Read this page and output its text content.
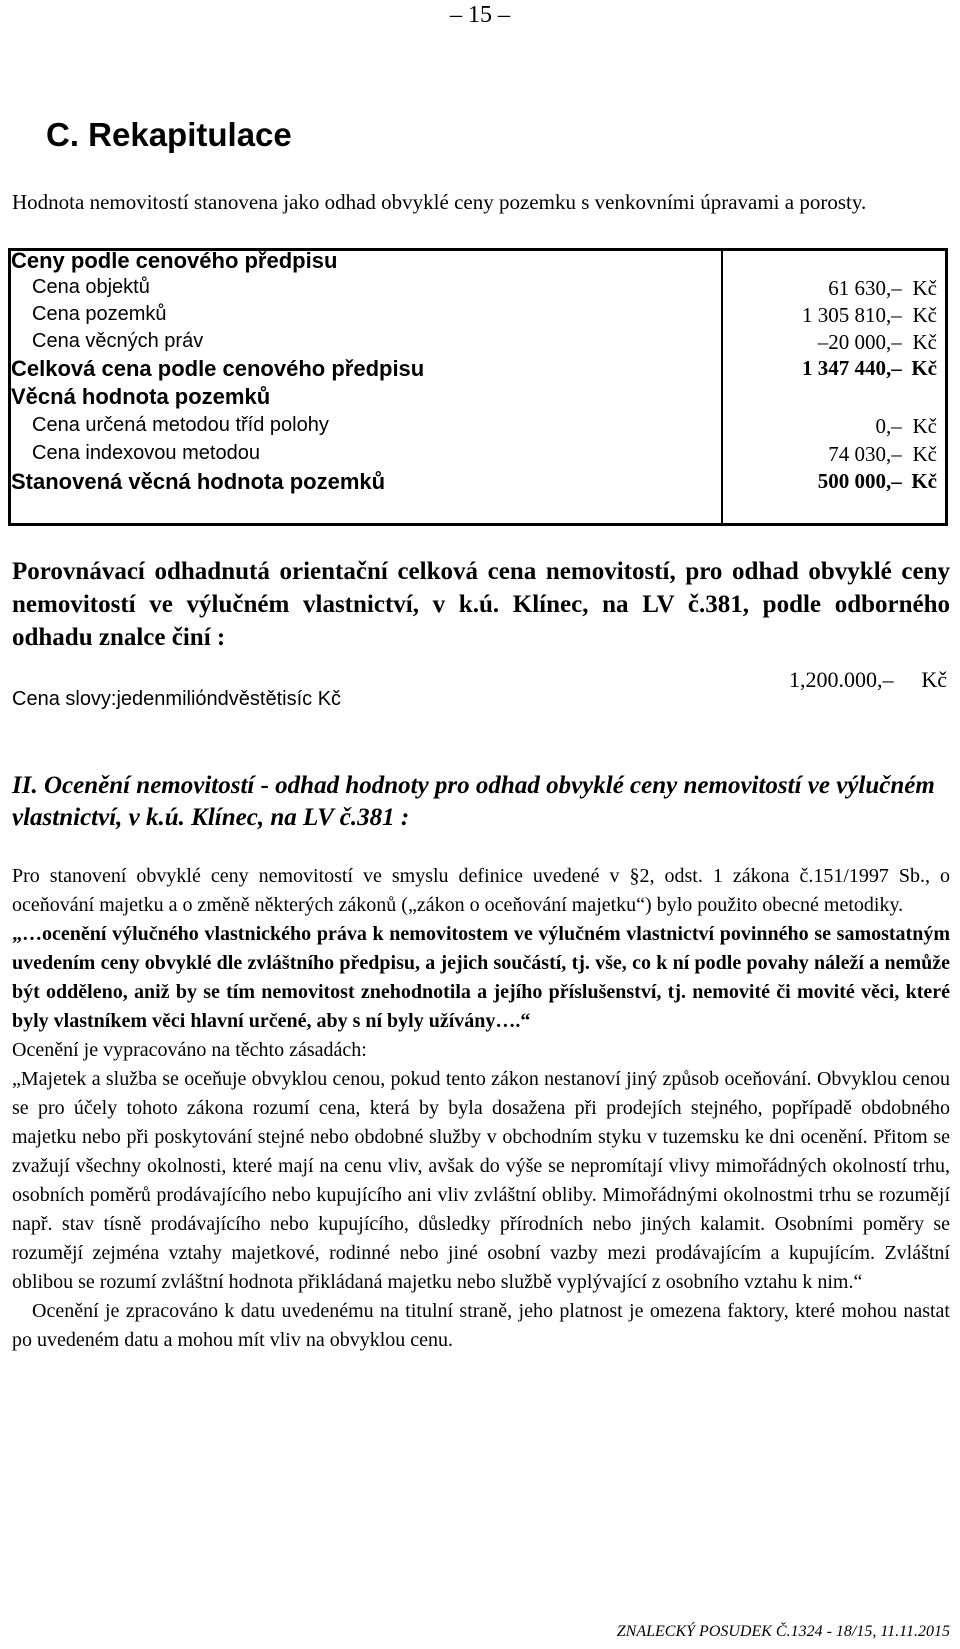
– 15 –
C. Rekapitulace
Hodnota nemovitostí stanovena jako odhad obvyklé ceny pozemku s venkovními úpravami a porosty.
Ceny podle cenového předpisu
Cena objektů	61 630,– Kč
Cena pozemků	1 305 810,– Kč
Cena věcných práv	–20 000,– Kč
Celková cena podle cenového předpisu	1 347 440,– Kč
Věcná hodnota pozemků
Cena určená metodou tříd polohy	0,– Kč
Cena indexovou metodou	74 030,– Kč
Stanovená věcná hodnota pozemků	500 000,– Kč
Porovnávací odhadnutá orientační celková cena nemovitostí, pro odhad obvyklé ceny nemovitostí ve výlučném vlastnictví, v k.ú. Klínec, na LV č.381, podle odborného odhadu znalce činí :
1,200.000,– Kč
Cena slovy:jedenmiliόndvěstětisíc Kč
II. Ocenění nemovitostí - odhad hodnoty pro odhad obvyklé ceny nemovitostí ve výlučném vlastnictví, v k.ú. Klínec, na LV č.381 :

Pro stanovení obvyklé ceny nemovitostí ve smyslu definice uvedené v §2, odst. 1 zákona č.151/1997 Sb., o oceňování majetku a o změně některých zákonů („zákon o oceňování majetku“) bylo použito obecné metodiky.

„…ocenění výlučného vlastnického práva k nemovitostem ve výlučném vlastnictví povinného se samostatným uvedením ceny obvyklé dle zvláštního předpisu, a jejich součástí, tj. vše, co k ní podle povahy náleží a nemůže být odděleno, aniž by se tím nemovitost znehodnotila a jejího příslušenství, tj. nemovité či movité věci, které byly vlastníkem věci hlavní určené, aby s ní byly užívány….“

Ocenění je vypracováno na těchto zásadách:

„Majetek a služba se oceňuje obvyklou cenou, pokud tento zákon nestanoví jiný způsob oceňování. Obvyklou cenou se pro účely tohoto zákona rozumí cena, která by byla dosažena při prodejích stejného, popřípadě obdobného majetku nebo při poskytování stejné nebo obdobné služby v obchodním styku v tuzemsku ke dni ocenění. Přitom se zvažují všechny okolnosti, které mají na cenu vliv, avšak do výše se nepromítají vlivy mimořádných okolností trhu, osobních poměrů prodávajícího nebo kupujícího ani vliv zvláštní obliby. Mimořádnými okolnostmi trhu se rozumějí např. stav tísně prodávajícího nebo kupujícího, důsledky přírodních nebo jiných kalamit. Osobními poměry se rozumějí zejména vztahy majetkové, rodinné nebo jiné osobní vazby mezi prodávajícím a kupujícím. Zvláštní oblibou se rozumí zvláštní hodnota přikládaná majetku nebo službě vyplývající z osobního vztahu k nim.“

Ocenění je zpracováno k datu uvedenému na titulní straně, jeho platnost je omezena faktory, které mohou nastat po uvedeném datu a mohou mít vliv na obvyklou cenu.

ZNALECKÝ POSUDEK Č.1324 - 18/15, 11.11.2015
